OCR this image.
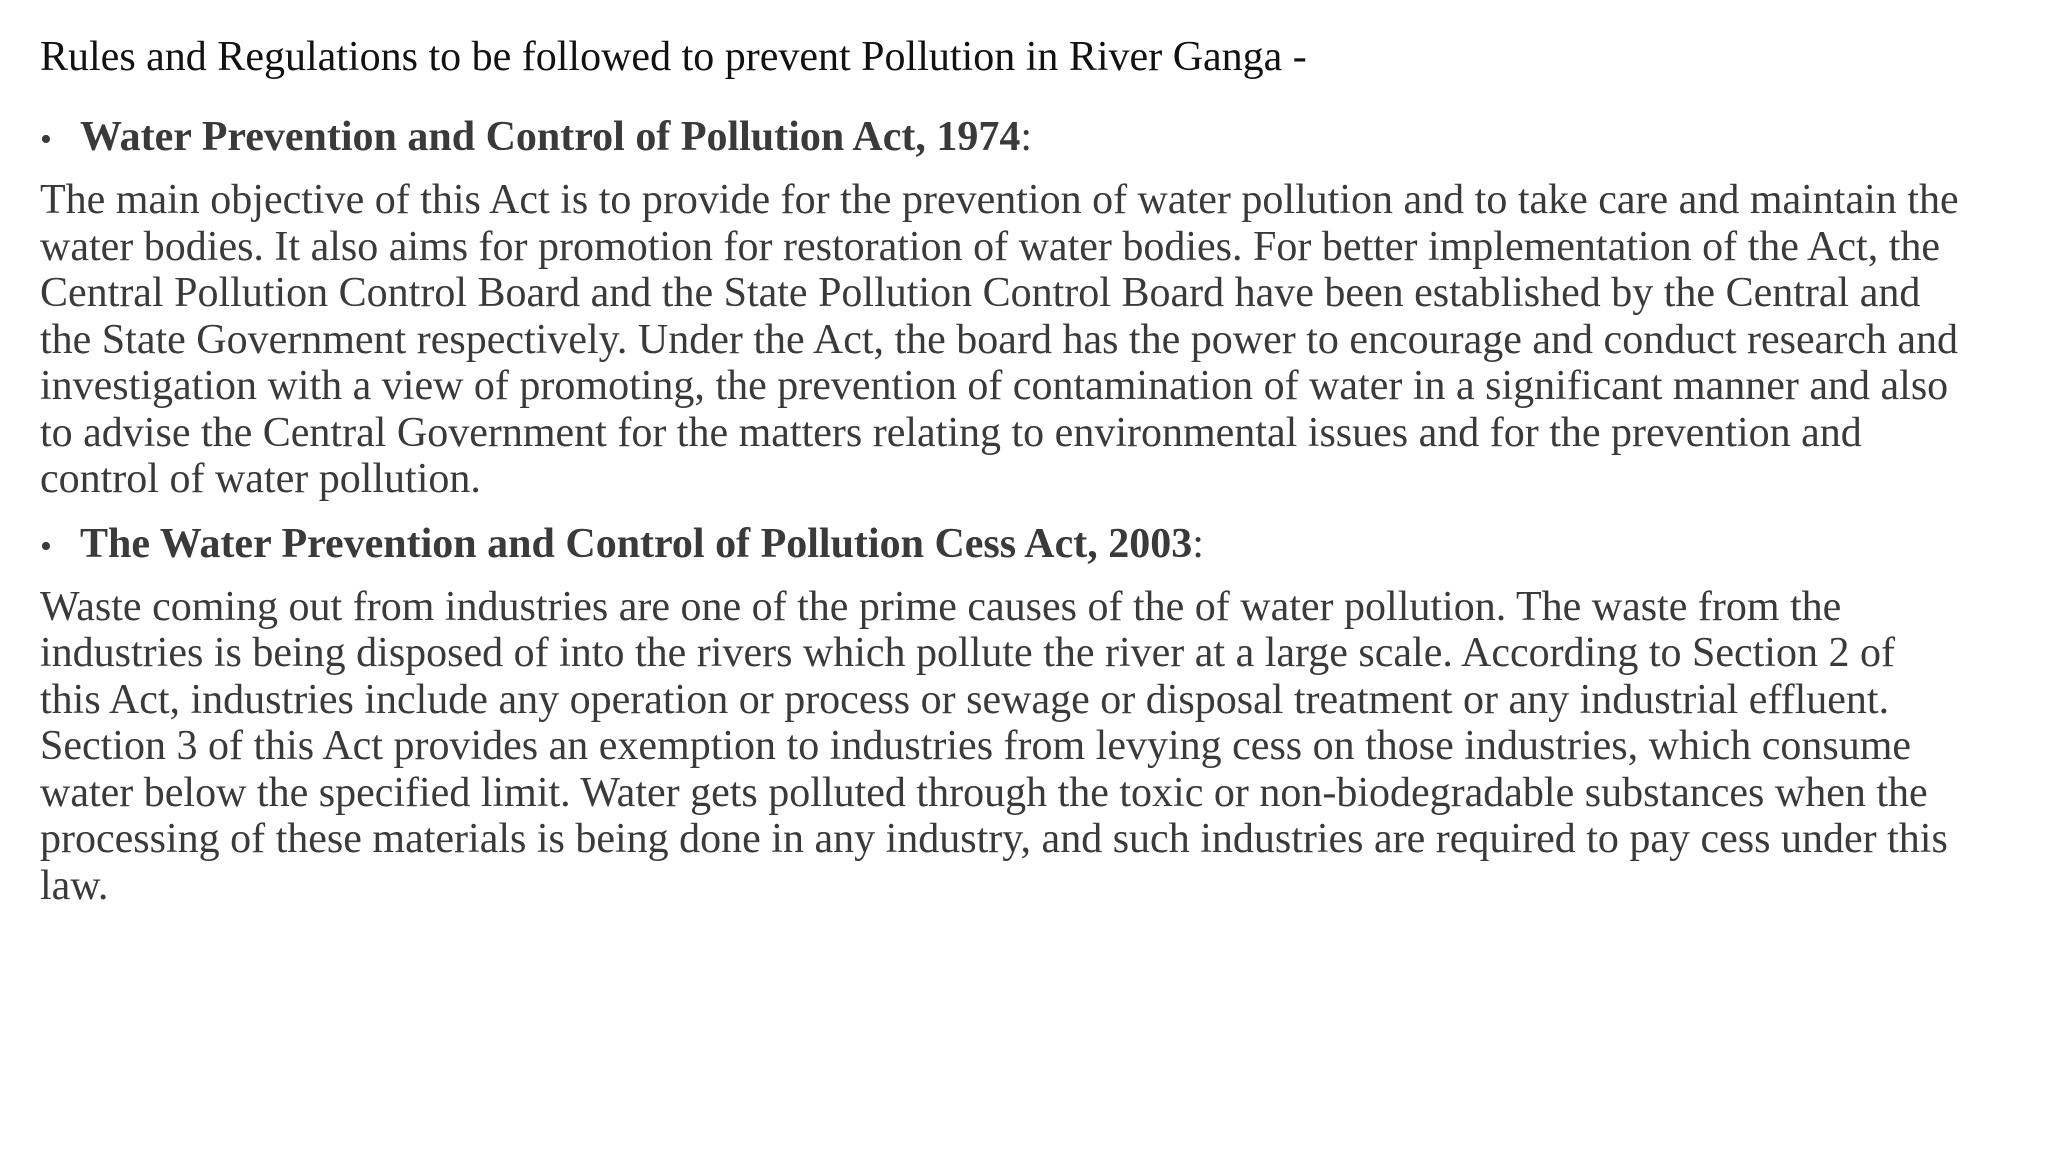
Rules and Regulations to be followed to prevent Pollution in River Ganga -
• Water Prevention and Control of Pollution Act, 1974 :
The main objective of this Act is to provide for the prevention of water pollution and to take care and maintain the
water bodies. It also aims for promotion for restoration of water bodies. For better implementation of the Act, the
Central Pollution Control Board and the State Pollution Control Board have been established by the Central and
the State Government respectively. Under the Act, the board has the power to encourage and conduct research and
investigation with a view of promoting, the prevention of contamination of water in a significant manner and also
to advise the Central Government for the matters relating to environmental issues and for the prevention and
control of water pollution.
• The Water Prevention and Control of Pollution Cess Act, 2003 :
Waste coming out from industries are one of the prime causes of the of water pollution. The waste from the
industries is being disposed of into the rivers which pollute the river at a large scale. According to Section 2 of
this Act, industries include any operation or process or sewage or disposal treatment or any industrial effluent.
Section 3 of this Act provides an exemption to industries from levying cess on those industries, which consume
water below the specified limit. Water gets polluted through the toxic or non-biodegradable substances when the
processing of these materials is being done in any industry, and such industries are required to pay cess under this
law.
